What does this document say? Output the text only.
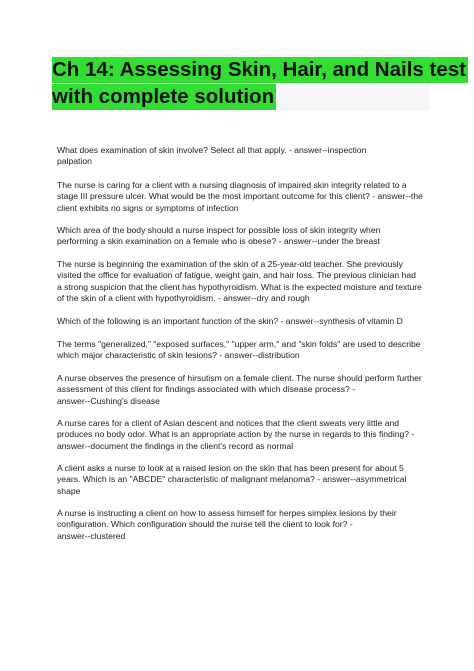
Ch 14: Assessing Skin, Hair, and Nails test
with complete solution
What does examination of skin involve? Select all that apply. - answer--inspection
palpation
The nurse is caring for a client with a nursing diagnosis of impaired skin integrity related to a
stage III pressure ulcer. What would be the most important outcome for this client? - answer--the
client exhibits no signs or symptoms of infection
Which area of the body should a nurse inspect for possible loss of skin integrity when
performing a skin examination on a female who is obese? - answer--under the breast
The nurse is beginning the examination of the skin of a 25-year-old teacher. She previously
visited the office for evaluation of fatigue, weight gain, and hair loss. The previous clinician had
a strong suspicion that the client has hypothyroidism. What is the expected moisture and texture
of the skin of a client with hypothyroidism. - answer--dry and rough
Which of the following is an important function of the skin? - answer--synthesis of vitamin D
The terms "generalized," "exposed surfaces," "upper arm," and "skin folds" are used to describe
which major characteristic of skin lesions? - answer--distribution
A nurse observes the presence of hirsutism on a female client. The nurse should perform further
assessment of this client for findings associated with which disease process? -
answer--Cushing's disease
A nurse cares for a client of Asian descent and notices that the client sweats very little and
produces no body odor. What is an appropriate action by the nurse in regards to this finding? -
answer--document the findings in the client's record as normal
A client asks a nurse to look at a raised lesion on the skin that has been present for about 5
years. Which is an "ABCDE" characteristic of malignant melanoma? - answer--asymmetrical
shape
A nurse is instructing a client on how to assess himself for herpes simplex lesions by their
configuration. Which configuration should the nurse tell the client to look for? -
answer--clustered
